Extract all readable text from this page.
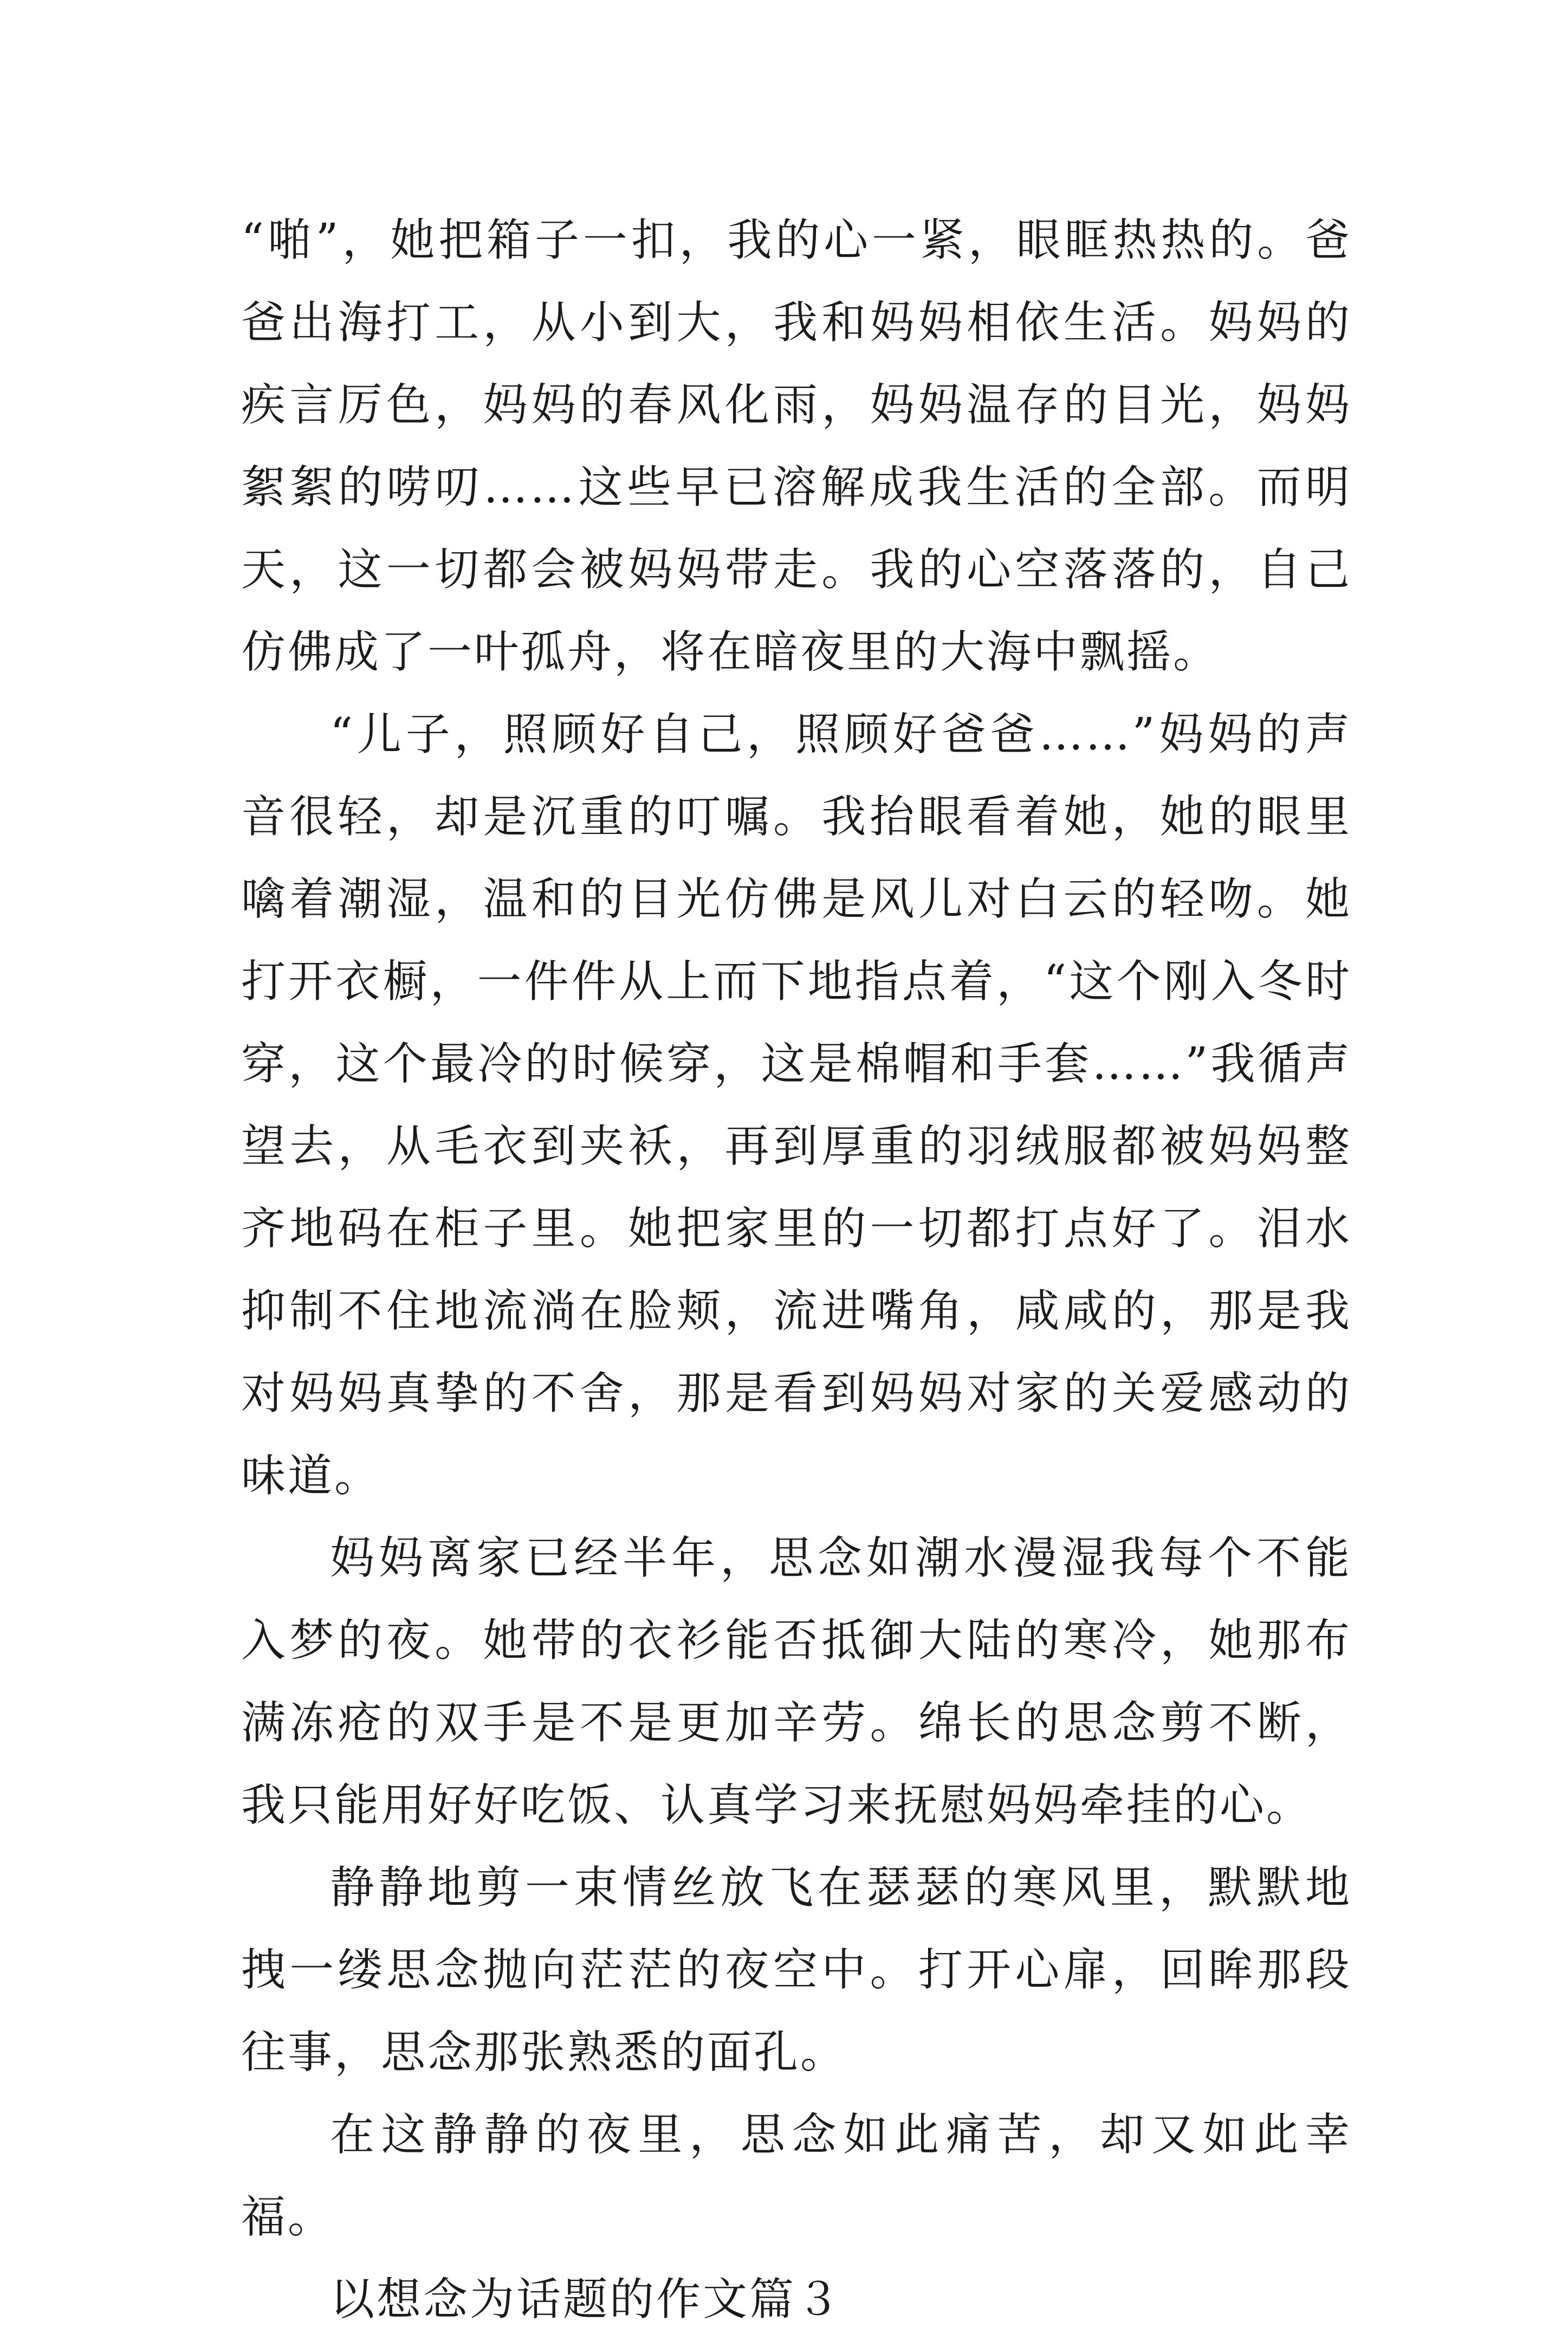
“啪”，她把箱子一扣，我的心一紧，眼眶热热的。爸爸出海打工，从小到大，我和妈妈相依生活。妈妈的疾言厉色，妈妈的春风化雨，妈妈温存的目光，妈妈絮絮的唠叨……这些早已溶解成我生活的全部。而明天，这一切都会被妈妈带走。我的心空落落的，自己仿佛成了一叶孤舟，将在暗夜里的大海中飘摇。

“儿子，照顾好自己，照顾好爸爸……”妈妈的声音很轻，却是沉重的叮嘱。我抬眼看着她，她的眼里噙着潮湿，温和的目光仿佛是风儿对白云的轻吻。她打开衣橱，一件件从上而下地指点着，“这个刚入冬时穿，这个最冷的时候穿，这是棉帽和手套……”我循声望去，从毛衣到夹袄，再到厚重的羽绒服都被妈妈整齐地码在柜子里。她把家里的一切都打点好了。泪水抑制不住地流淌在脸颊，流进嘴角，咸咸的，那是我对妈妈真挚的不舍，那是看到妈妈对家的关爱感动的味道。

妈妈离家已经半年，思念如潮水漫湿我每个不能入梦的夜。她带的衣衫能否抵御大陆的寒冷，她那布满冻疮的双手是不是更加辛劳。绵长的思念剪不断，我只能用好好吃饭、认真学习来抚慰妈妈牵挂的心。

静静地剪一束情丝放飞在瑟瑟的寒风里，默默地拽一缕思念抛向茫茫的夜空中。打开心扉，回眸那段往事，思念那张熟悉的面孔。

在这静静的夜里，思念如此痛苦，却又如此幸福。

以想念为话题的作文篇３
